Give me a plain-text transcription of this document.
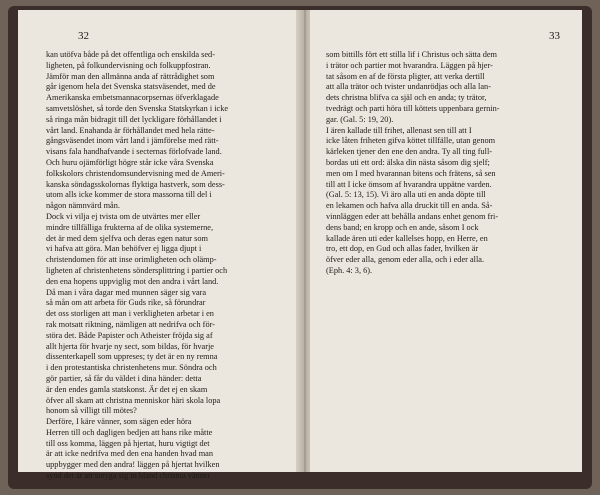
32
kan utöfva både på det offentliga och enskilda sed-
ligheten, på folkundervisning och folkuppfostran.
Jämför man den allmänna anda af rättrådighet som
går igenom hela det Svenska statsväsendet, med de
Amerikanska embetsmannacorpsernas öfverklagade
samvetslöshet, så torde den Svenska Statskyrkan i icke
så ringa mån bidragit till det lyckligare förhållandet i
vårt land. Enahanda är förhållandet med hela rätte-
gångsväsendet inom vårt land i jämförelse med rätt-
visans fala handhafvande i secternas förlofvade land.
Och huru ojämförligt högre står icke våra Svenska
folkskolors christendomsundervisning med de Ameri-
kanska söndagsskolornas flyktiga hastverk, som dess-
utom alls icke kommer de stora massorna till del i
någon nämnvärd mån.
Dock vi vilja ej tvista om de utvärtes mer eller
mindre tillfälliga frukterna af de olika systemerne,
det är med dem sjelfva och deras egen natur som
vi hafva att göra. Man behöfver ej ligga djupt i
christendomen för att inse orimligheten och olämp-
ligheten af christenhetens söndersplittring i partier och
den ena hopens uppviglig mot den andra i vårt land.
Då man i våra dagar med munnen säger sig vara
så mån om att arbeta för Guds rike, så förundrar
det oss storligen att man i verkligheten arbetar i en
rak motsatt riktning, nämligen att nedrifva och för-
störa det. Både Papister och Atheister fröjda sig af
allt hjerta för hvarje ny sect, som bildas, för hvarje
dissenterkapell som uppreses; ty det är en ny remna
i den protestantiska christenhetens mur. Söndra och
gör partier, så får du väldet i dina händer: detta
är den endes gamla statskonst. Är det ej en skam
öfver all skam att christna menniskor häri skola lopa
honom så villigt till mötes?
Derföre, I käre vänner, som sägen eder höra
Herren till och dagligen bedjen att hans rike måtte
till oss komma, läggen på hjertat, huru vigtigt det
är att icke nedrifva med den ena handen hvad man
uppbygger med den andra! läggen på hjertat hvilken
synd det är att smyga sig in bland christna vänner
33
som bittills fört ett stilla lif i Christus och sätta dem
i trätor och partier mot hvarandra. Läggen på hjer-
tat såsom en af de första pligter, att verka dertill
att alla trätor och tvister undanrödjas och alla lan-
dets christna blifva ca själ och en anda; ty trätor,
tvedrägt och parti höra till köttets uppenbara gernin-
gar. (Gal. 5: 19, 20).
I ären kallade till frihet, allenast sen till att I
icke låten friheten gifva köttet tillfälle, utan genom
kärleken tjener den ene den andra. Ty all ting full-
bordas uti ett ord: älska din nästa såsom dig sjelf;
men om I med hvarannan bitens och frätens, så sen
till att I icke ömsom af hvarandra uppätne varden.
(Gal. 5: 13, 15). Vi äro alla uti en anda döpte till
en lekamen och hafva alla druckit till en anda. Så-
vinnläggen eder att behålla andans enhet genom fri-
dens band; en kropp och en ande, såsom I ock
kallade ären uti eder kallelses hopp, en Herre, en
tro, ett dop, en Gud och allas fader, hvilken är
öfver eder alla, genom eder alla, och i eder alla.
(Eph. 4: 3, 6).
